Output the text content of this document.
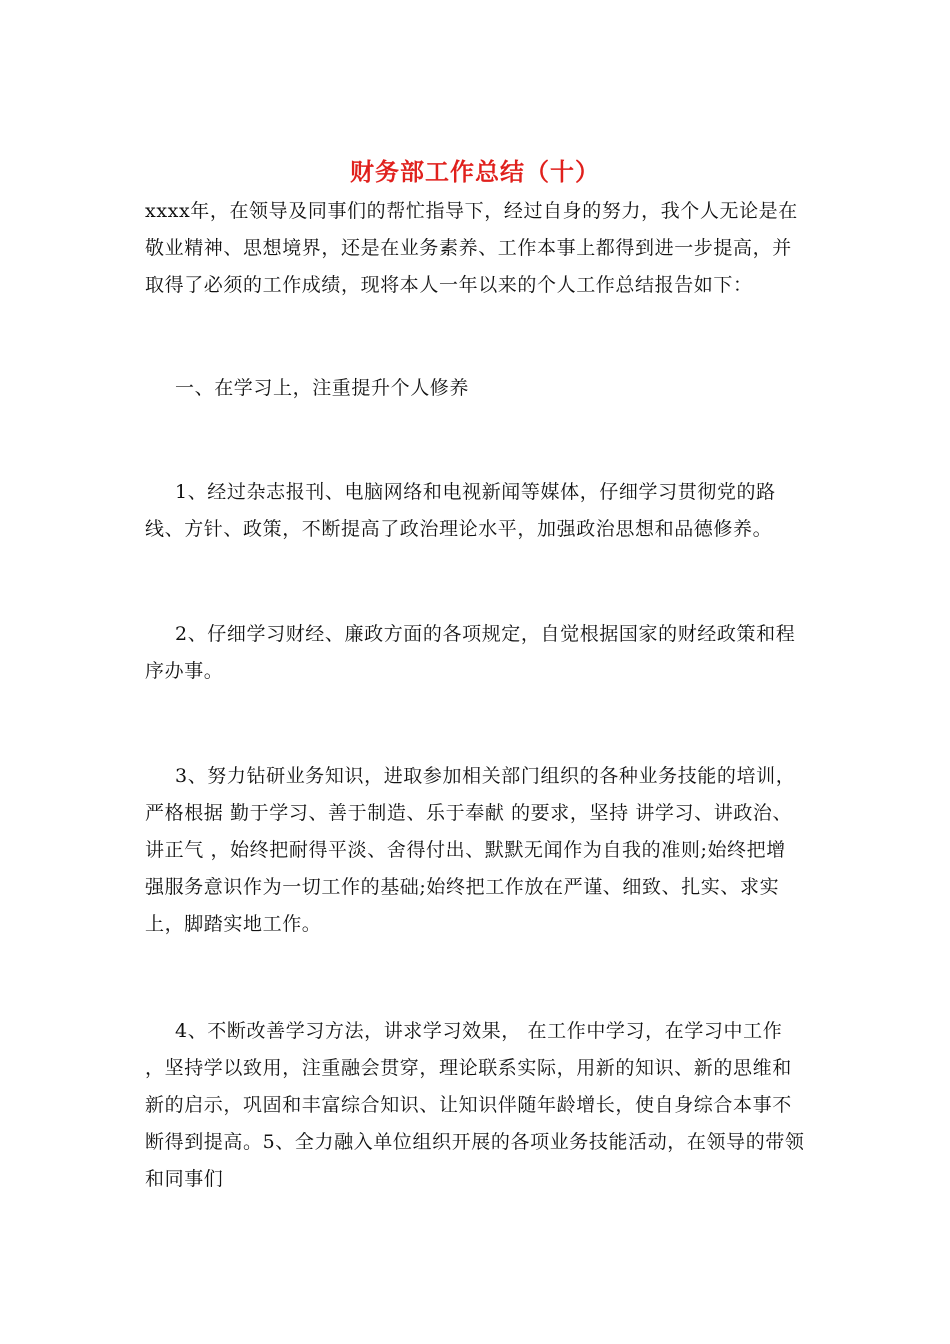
财务部工作总结（十）

xxxx年，在领导及同事们的帮忙指导下，经过自身的努力，我个人无论是在敬业精神、思想境界，还是在业务素养、工作本事上都得到进一步提高，并取得了必须的工作成绩，现将本人一年以来的个人工作总结报告如下：

一、在学习上，注重提升个人修养

1、经过杂志报刊、电脑网络和电视新闻等媒体，仔细学习贯彻党的路线、方针、政策，不断提高了政治理论水平，加强政治思想和品德修养。

2、仔细学习财经、廉政方面的各项规定，自觉根据国家的财经政策和程序办事。

3、努力钻研业务知识，进取参加相关部门组织的各种业务技能的培训，严格根据 勤于学习、善于制造、乐于奉献 的要求，坚持 讲学习、讲政治、讲正气 ，始终把耐得平淡、舍得付出、默默无闻作为自我的准则;始终把增强服务意识作为一切工作的基础;始终把工作放在严谨、细致、扎实、求实上，脚踏实地工作。

4、不断改善学习方法，讲求学习效果， 在工作中学习，在学习中工作 ，坚持学以致用，注重融会贯穿，理论联系实际，用新的知识、新的思维和新的启示，巩固和丰富综合知识、让知识伴随年龄增长，使自身综合本事不断得到提高。5、全力融入单位组织开展的各项业务技能活动，在领导的带领和同事们
